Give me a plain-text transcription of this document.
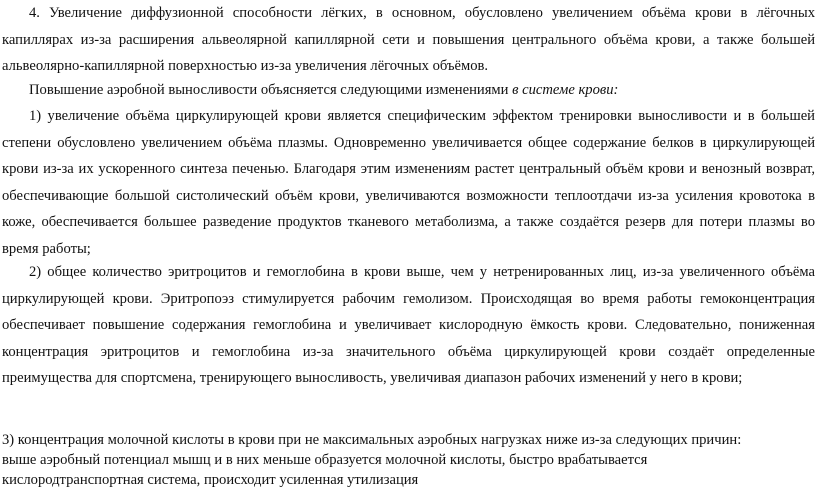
4. Увеличение диффузионной способности лёгких, в основном, обусловлено увеличением объёма крови в лёгочных капиллярах из-за расширения альвеолярной капиллярной сети и повышения центрального объёма крови, а также большей альвеолярно-капиллярной поверхностью из-за увеличения лёгочных объёмов.

Повышение аэробной выносливости объясняется следующими изменениями в системе крови:

1) увеличение объёма циркулирующей крови является специфическим эффектом тренировки выносливости и в большей степени обусловлено увеличением объёма плазмы. Одновременно увеличивается общее содержание белков в циркулирующей крови из-за их ускоренного синтеза печенью. Благодаря этим изменениям растет центральный объём крови и венозный возврат, обеспечивающие большой систолический объём крови, увеличиваются возможности теплоотдачи из-за усиления кровотока в коже, обеспечивается большее разведение продуктов тканевого метаболизма, а также создаётся резерв для потери плазмы во время работы;

2) общее количество эритроцитов и гемоглобина в крови выше, чем у нетренированных лиц, из-за увеличенного объёма циркулирующей крови. Эритропоэз стимулируется рабочим гемолизом. Происходящая во время работы гемоконцентрация обеспечивает повышение содержания гемоглобина и увеличивает кислородную ёмкость крови. Следовательно, пониженная концентрация эритроцитов и гемоглобина из-за значительного объёма циркулирующей крови создаёт определенные преимущества для спортсмена, тренирующего выносливость, увеличивая диапазон рабочих изменений у него в крови;

3) концентрация молочной кислоты в крови при не максимальных аэробных нагрузках ниже из-за следующих причин:
выше аэробный потенциал мышц и в них меньше образуется молочной кислоты, быстро врабатывается
кислородтранспортная система, происходит усиленная утилизация
